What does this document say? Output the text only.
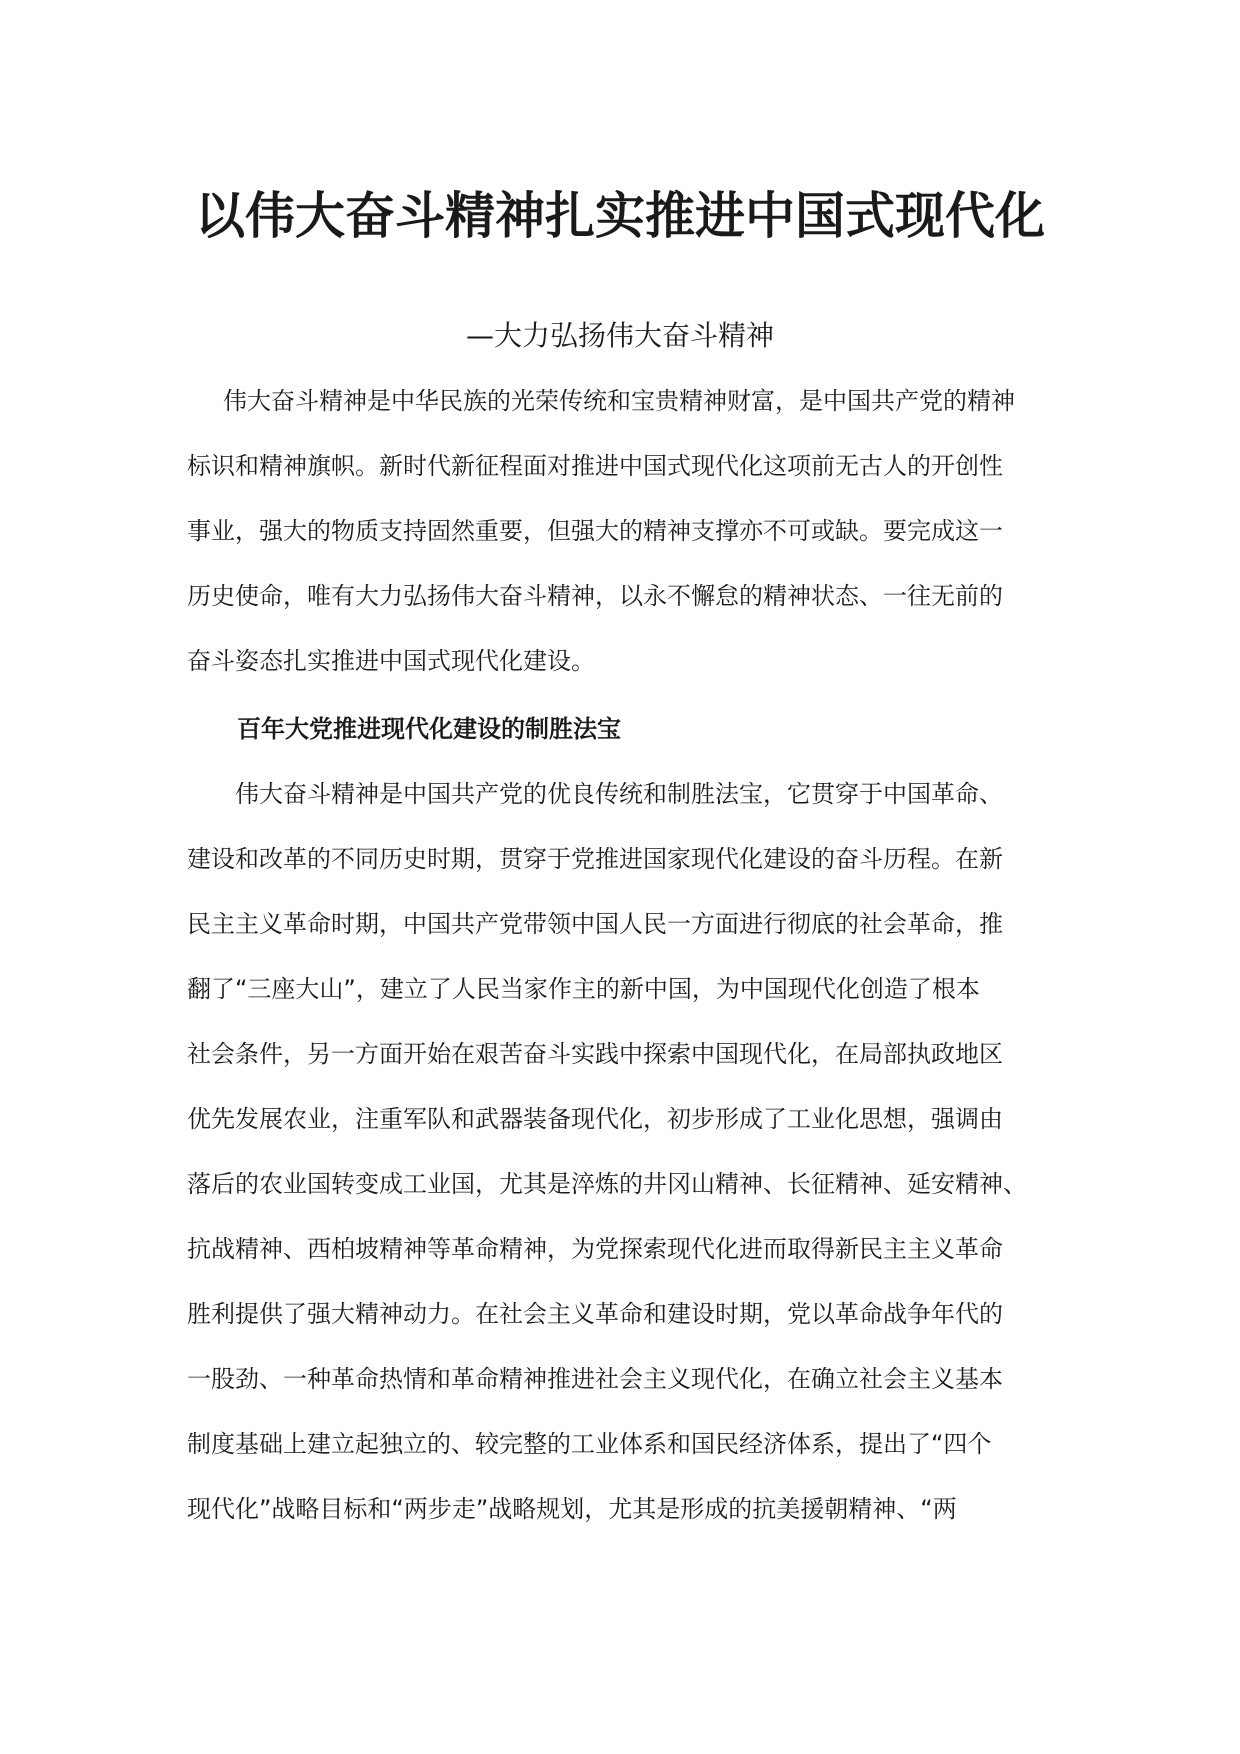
以伟大奋斗精神扎实推进中国式现代化

—大力弘扬伟大奋斗精神

伟大奋斗精神是中华民族的光荣传统和宝贵精神财富，是中国共产党的精神
标识和精神旗帜。新时代新征程面对推进中国式现代化这项前无古人的开创性
事业，强大的物质支持固然重要，但强大的精神支撑亦不可或缺。要完成这一
历史使命，唯有大力弘扬伟大奋斗精神，以永不懈怠的精神状态、一往无前的
奋斗姿态扎实推进中国式现代化建设。
百年大党推进现代化建设的制胜法宝
伟大奋斗精神是中国共产党的优良传统和制胜法宝，它贯穿于中国革命、
建设和改革的不同历史时期，贯穿于党推进国家现代化建设的奋斗历程。在新
民主主义革命时期，中国共产党带领中国人民一方面进行彻底的社会革命，推
翻了“三座大山”，建立了人民当家作主的新中国，为中国现代化创造了根本
社会条件，另一方面开始在艰苦奋斗实践中探索中国现代化，在局部执政地区
优先发展农业，注重军队和武器装备现代化，初步形成了工业化思想，强调由
落后的农业国转变成工业国，尤其是淬炼的井冈山精神、长征精神、延安精神、
抗战精神、西柏坡精神等革命精神，为党探索现代化进而取得新民主主义革命
胜利提供了强大精神动力。在社会主义革命和建设时期，党以革命战争年代的
一股劲、一种革命热情和革命精神推进社会主义现代化，在确立社会主义基本
制度基础上建立起独立的、较完整的工业体系和国民经济体系，提出了“四个
现代化”战略目标和“两步走”战略规划，尤其是形成的抗美援朝精神、“两
